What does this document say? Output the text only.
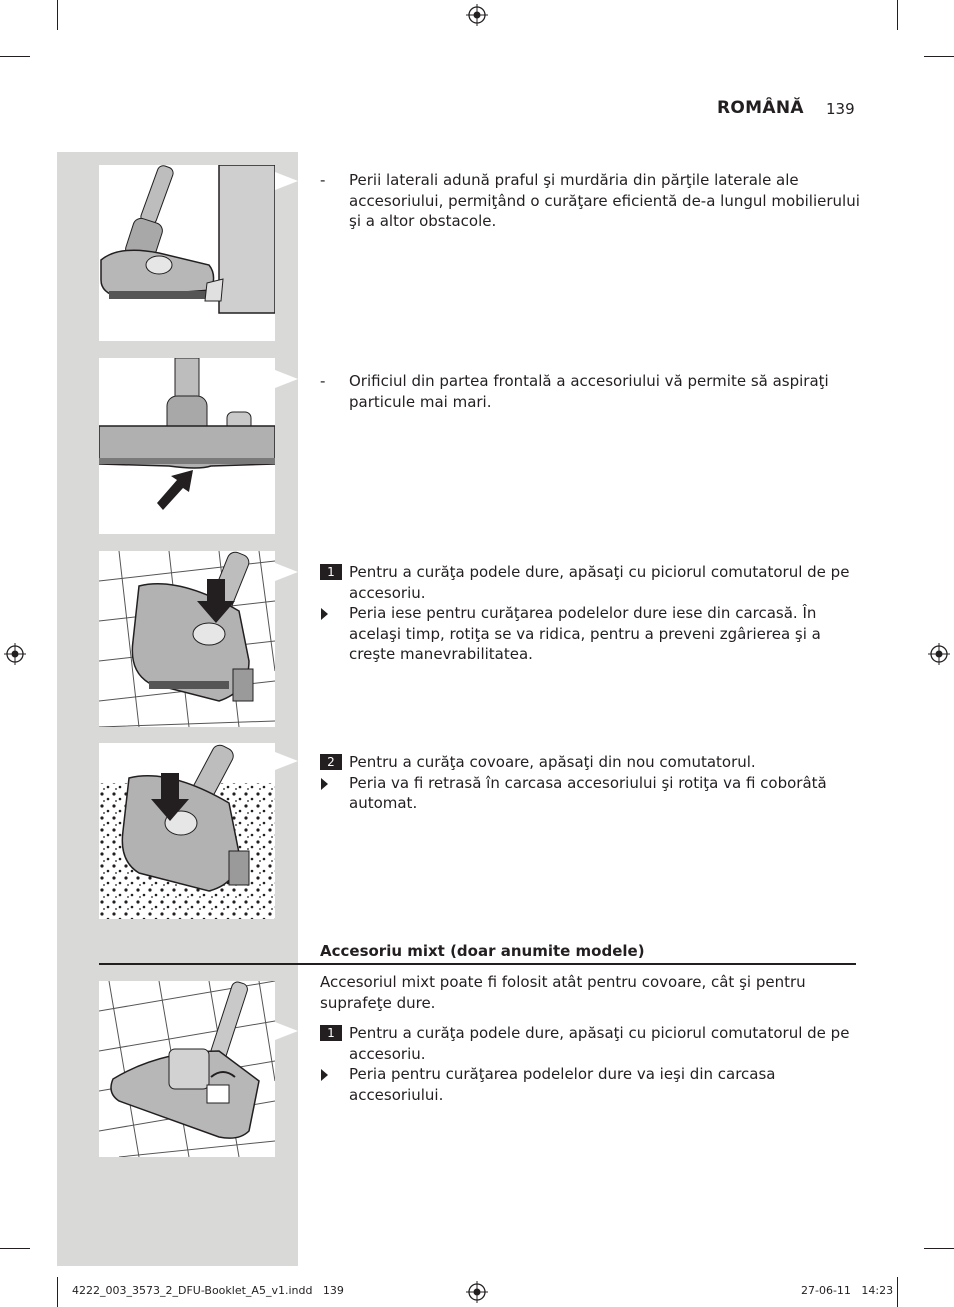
ROMÂNĂ 139
- Perii laterali adună praful şi murdăria din părţile laterale ale accesoriului, permiţând o curăţare eficientă de-a lungul mobilierului şi a altor obstacole.
- Orificiul din partea frontală a accesoriului vă permite să aspiraţi particule mai mari.
1 Pentru a curăţa podele dure, apăsaţi cu piciorul comutatorul de pe accesoriu.
Peria iese pentru curăţarea podelelor dure iese din carcasă. În acelaşi timp, rotiţa se va ridica, pentru a preveni zgârierea şi a creşte manevrabilitatea.
2 Pentru a curăţa covoare, apăsaţi din nou comutatorul.
Peria va fi retrasă în carcasa accesoriului şi rotiţa va fi coborâtă automat.
Accesoriu mixt (doar anumite modele)
Accesoriul mixt poate fi folosit atât pentru covoare, cât şi pentru suprafeţe dure.
1 Pentru a curăţa podele dure, apăsaţi cu piciorul comutatorul de pe accesoriu.
Peria pentru curăţarea podelelor dure va ieşi din carcasa accesoriului.
4222_003_3573_2_DFU-Booklet_A5_v1.indd   139	27-06-11   14:23
